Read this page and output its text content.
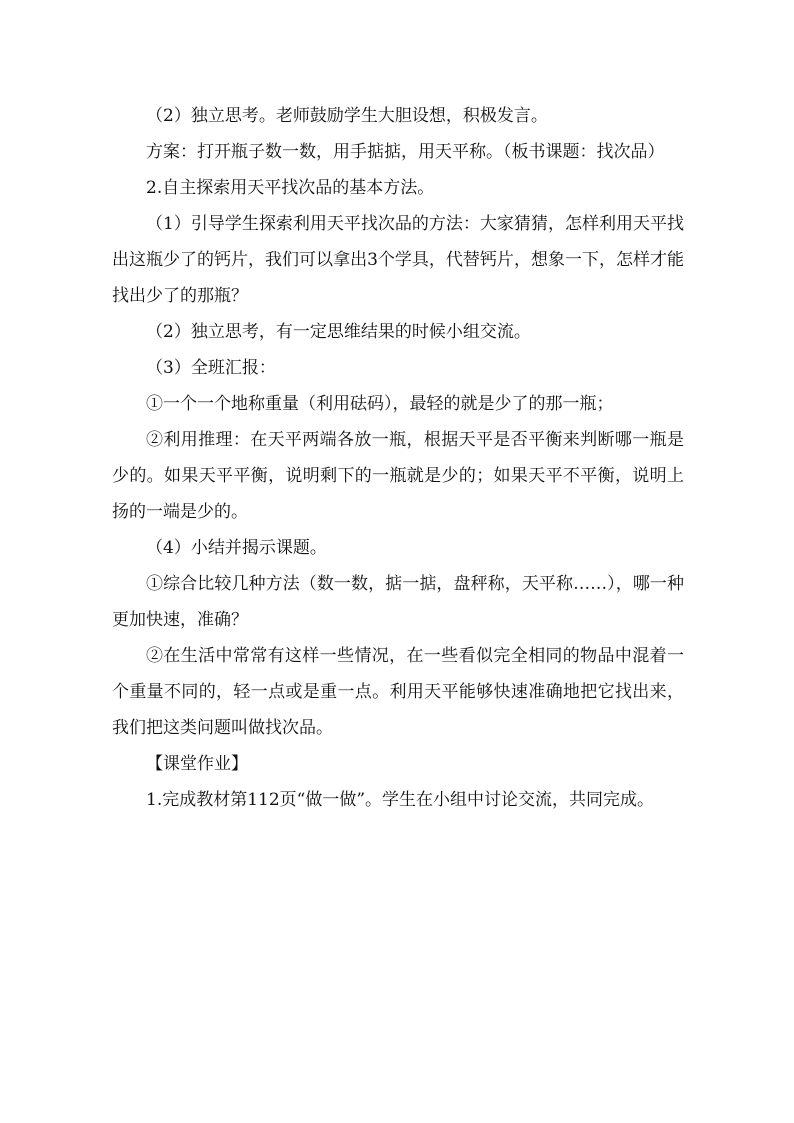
（2）独立思考。老师鼓励学生大胆设想，积极发言。

方案：打开瓶子数一数，用手掂掂，用天平称。（板书课题：找次品）

2.自主探索用天平找次品的基本方法。

（1）引导学生探索利用天平找次品的方法：大家猜猜，怎样利用天平找出这瓶少了的钙片，我们可以拿出3个学具，代替钙片，想象一下，怎样才能找出少了的那瓶？

（2）独立思考，有一定思维结果的时候小组交流。

（3）全班汇报：

①一个一个地称重量（利用砝码），最轻的就是少了的那一瓶；

②利用推理：在天平两端各放一瓶，根据天平是否平衡来判断哪一瓶是少的。如果天平平衡，说明剩下的一瓶就是少的；如果天平不平衡，说明上扬的一端是少的。

（4）小结并揭示课题。

①综合比较几种方法（数一数，掂一掂，盘秤称，天平称……），哪一种更加快速，准确？

②在生活中常常有这样一些情况，在一些看似完全相同的物品中混着一个重量不同的，轻一点或是重一点。利用天平能够快速准确地把它找出来，我们把这类问题叫做找次品。

【课堂作业】

1.完成教材第112页“做一做”。学生在小组中讨论交流，共同完成。
